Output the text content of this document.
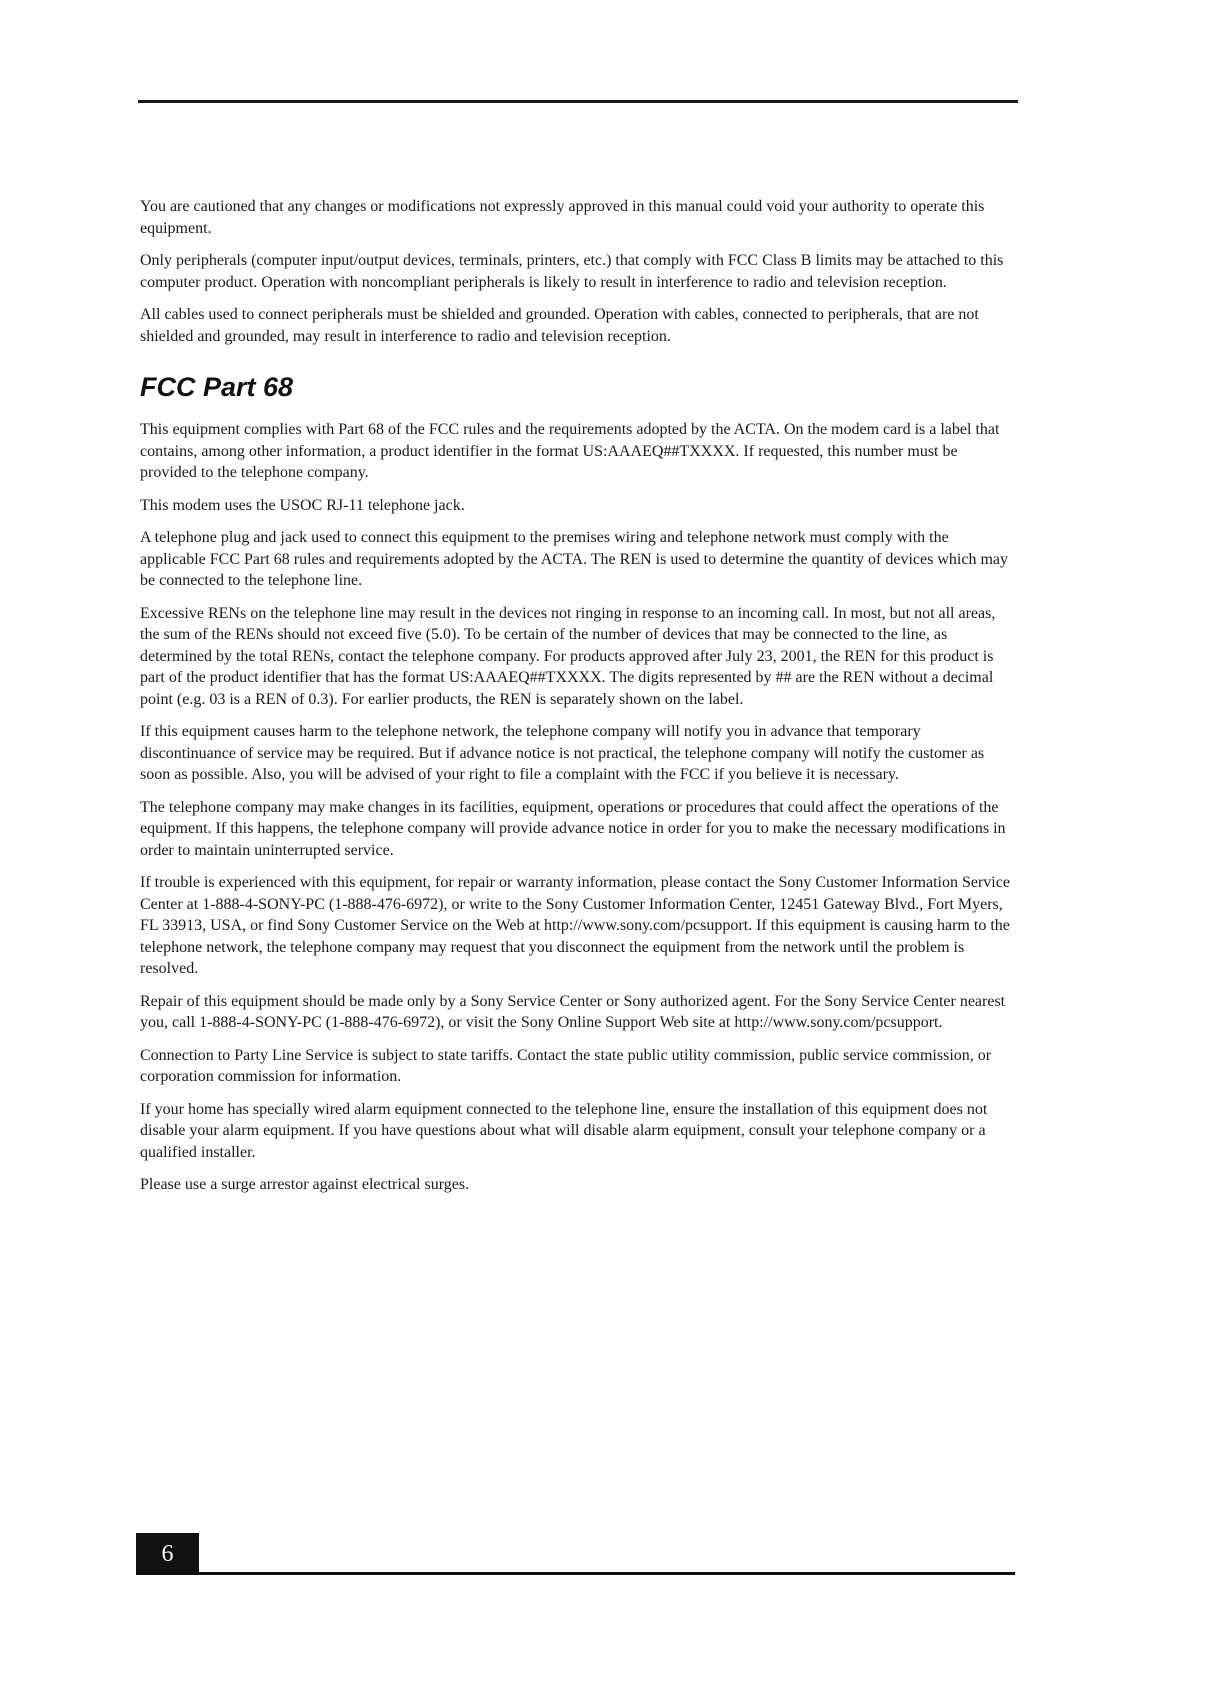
You are cautioned that any changes or modifications not expressly approved in this manual could void your authority to operate this equipment.

Only peripherals (computer input/output devices, terminals, printers, etc.) that comply with FCC Class B limits may be attached to this computer product. Operation with noncompliant peripherals is likely to result in interference to radio and television reception.

All cables used to connect peripherals must be shielded and grounded. Operation with cables, connected to peripherals, that are not shielded and grounded, may result in interference to radio and television reception.

FCC Part 68

This equipment complies with Part 68 of the FCC rules and the requirements adopted by the ACTA. On the modem card is a label that contains, among other information, a product identifier in the format US:AAAEQ##TXXXX. If requested, this number must be provided to the telephone company.

This modem uses the USOC RJ-11 telephone jack.

A telephone plug and jack used to connect this equipment to the premises wiring and telephone network must comply with the applicable FCC Part 68 rules and requirements adopted by the ACTA. The REN is used to determine the quantity of devices which may be connected to the telephone line.

Excessive RENs on the telephone line may result in the devices not ringing in response to an incoming call. In most, but not all areas, the sum of the RENs should not exceed five (5.0). To be certain of the number of devices that may be connected to the line, as determined by the total RENs, contact the telephone company. For products approved after July 23, 2001, the REN for this product is part of the product identifier that has the format US:AAAEQ##TXXXX. The digits represented by ## are the REN without a decimal point (e.g. 03 is a REN of 0.3). For earlier products, the REN is separately shown on the label.

If this equipment causes harm to the telephone network, the telephone company will notify you in advance that temporary discontinuance of service may be required. But if advance notice is not practical, the telephone company will notify the customer as soon as possible. Also, you will be advised of your right to file a complaint with the FCC if you believe it is necessary.

The telephone company may make changes in its facilities, equipment, operations or procedures that could affect the operations of the equipment. If this happens, the telephone company will provide advance notice in order for you to make the necessary modifications in order to maintain uninterrupted service.

If trouble is experienced with this equipment, for repair or warranty information, please contact the Sony Customer Information Service Center at 1-888-4-SONY-PC (1-888-476-6972), or write to the Sony Customer Information Center, 12451 Gateway Blvd., Fort Myers, FL 33913, USA, or find Sony Customer Service on the Web at http://www.sony.com/pcsupport. If this equipment is causing harm to the telephone network, the telephone company may request that you disconnect the equipment from the network until the problem is resolved.

Repair of this equipment should be made only by a Sony Service Center or Sony authorized agent. For the Sony Service Center nearest you, call 1-888-4-SONY-PC (1-888-476-6972), or visit the Sony Online Support Web site at http://www.sony.com/pcsupport.

Connection to Party Line Service is subject to state tariffs. Contact the state public utility commission, public service commission, or corporation commission for information.

If your home has specially wired alarm equipment connected to the telephone line, ensure the installation of this equipment does not disable your alarm equipment. If you have questions about what will disable alarm equipment, consult your telephone company or a qualified installer.

Please use a surge arrestor against electrical surges.

6
